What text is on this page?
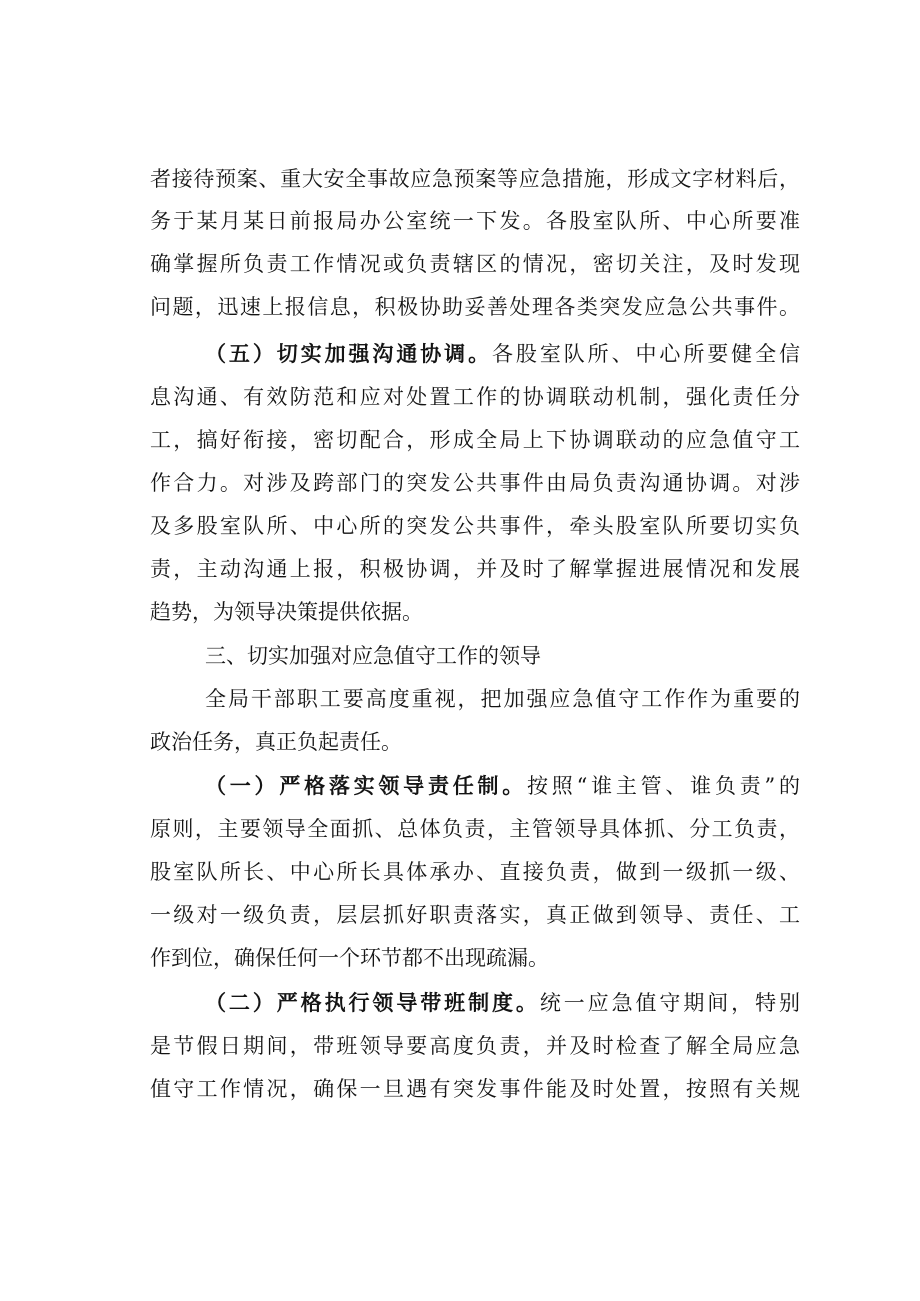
者接待预案、重大安全事故应急预案等应急措施，形成文字材料后，
务于某月某日前报局办公室统一下发。各股室队所、中心所要准
确掌握所负责工作情况或负责辖区的情况，密切关注，及时发现
问题，迅速上报信息，积极协助妥善处理各类突发应急公共事件。
（五）切实加强沟通协调。各股室队所、中心所要健全信
息沟通、有效防范和应对处置工作的协调联动机制，强化责任分
工，搞好衔接，密切配合，形成全局上下协调联动的应急值守工
作合力。对涉及跨部门的突发公共事件由局负责沟通协调。对涉
及多股室队所、中心所的突发公共事件，牵头股室队所要切实负
责，主动沟通上报，积极协调，并及时了解掌握进展情况和发展
趋势，为领导决策提供依据。
三、切实加强对应急值守工作的领导
全局干部职工要高度重视，把加强应急值守工作作为重要的
政治任务，真正负起责任。
（一）严格落实领导责任制。按照“谁主管、谁负责”的
原则，主要领导全面抓、总体负责，主管领导具体抓、分工负责，
股室队所长、中心所长具体承办、直接负责，做到一级抓一级、
一级对一级负责，层层抓好职责落实，真正做到领导、责任、工
作到位，确保任何一个环节都不出现疏漏。
（二）严格执行领导带班制度。统一应急值守期间，特别
是节假日期间，带班领导要高度负责，并及时检查了解全局应急
值守工作情况，确保一旦遇有突发事件能及时处置，按照有关规
